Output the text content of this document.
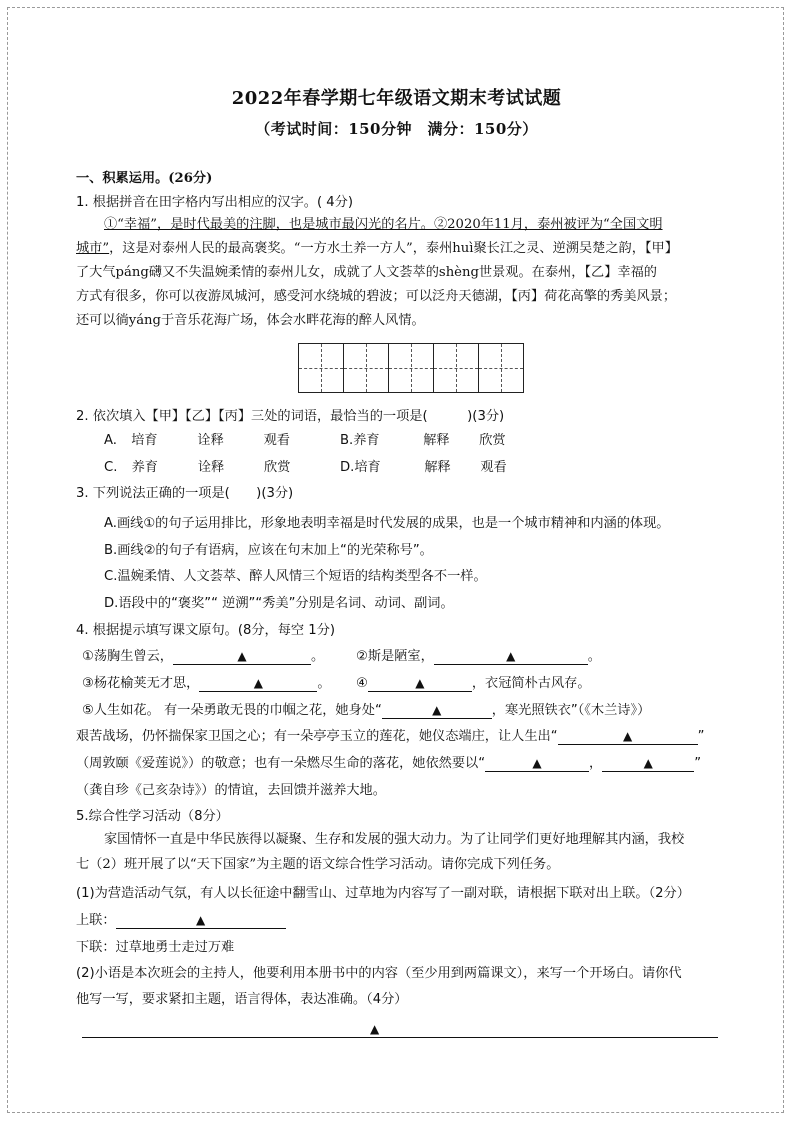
2022年春学期七年级语文期末考试试题
（考试时间：150分钟　满分：150分）
一、积累运用。(26分)
1. 根据拼音在田字格内写出相应的汉字。( 4分)
①“幸福”，是时代最美的注脚，也是城市最闪光的名片。②2020年11月，泰州被评为“全国文明
城市”，这是对泰州人民的最高褒奖。“一方水土养一方人”，泰州huì聚长江之灵、逆溯吴楚之韵，【甲】
了大气páng礴又不失温婉柔情的泰州儿女，成就了人文荟萃的shèng世景观。在泰州，【乙】幸福的
方式有很多，你可以夜游凤城河，感受河水绕城的碧波；可以泛舟天德湖，【丙】荷花高擎的秀美风景；
还可以徜yáng于音乐花海广场，体会水畔花海的醉人风情。
2. 依次填入【甲】【乙】【丙】三处的词语，最恰当的一项是(　　　)(3分)
A. 培育	诠释	观看	B.养育	解释 欣赏
C. 养育	诠释	欣赏	D.培育	解释 观看
3. 下列说法正确的一项是(　　)(3分)
A.画线①的句子运用排比，形象地表明幸福是时代发展的成果，也是一个城市精神和内涵的体现。
B.画线②的句子有语病，应该在句末加上“的光荣称号”。
C.温婉柔情、人文荟萃、醉人风情三个短语的结构类型各不一样。
D.语段中的“褒奖”“ 逆溯”“秀美”分别是名词、动词、副词。
4. 根据提示填写课文原句。(8分，每空 1分)
①荡胸生曾云，	▲	。 ②斯是陋室，	▲	。
③杨花榆荚无才思，	▲	。 ④	▲	，衣冠简朴古风存。
⑤人生如花。 有一朵勇敢无畏的巾帼之花，她身处“	▲	，寒光照铁衣”（《木兰诗》）
艰苦战场，仍怀揣保家卫国之心；有一朵亭亭玉立的莲花，她仪态端庄，让人生出“	▲	”
（周敦颐《爱莲说》）的敬意；也有一朵燃尽生命的落花，她依然要以“	▲	，	▲	”
（龚自珍《己亥杂诗》）的情谊，去回馈并滋养大地。
5.综合性学习活动（8分）
家国情怀一直是中华民族得以凝聚、生存和发展的强大动力。为了让同学们更好地理解其内涵，我校
七（2）班开展了以“天下国家”为主题的语文综合性学习活动。请你完成下列任务。
(1)为营造活动气氛，有人以长征途中翻雪山、过草地为内容写了一副对联，请根据下联对出上联。（2分）
上联：	▲
下联：过草地勇士走过万难
(2)小语是本次班会的主持人，他要利用本册书中的内容（至少用到两篇课文），来写一个开场白。请你代
他写一写，要求紧扣主题，语言得体，表达准确。（4分）
▲
